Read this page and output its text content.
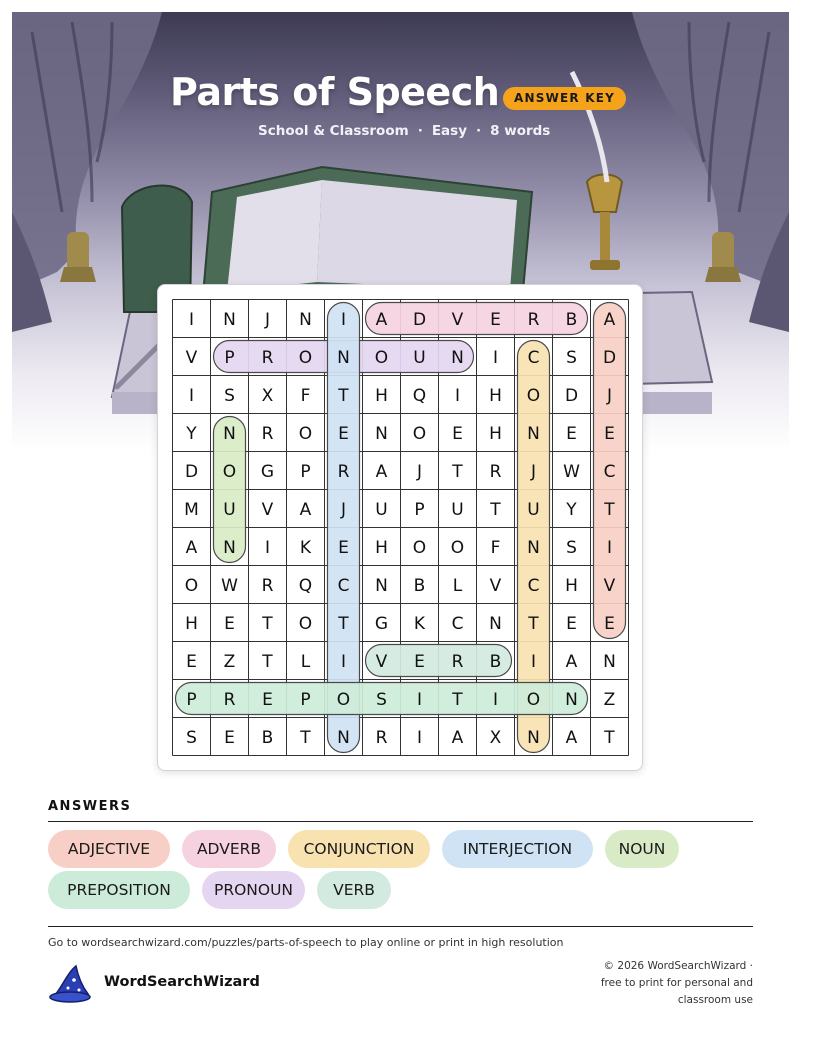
Parts of Speech	ANSWER KEY
School & Classroom · Easy · 8 words
I N J N I A D V E R B A
V P R O N O U N I C S D
I S X F T H Q I H O D J
Y N R O E N O E H N E E
D O G P R A J T R J W C
M U V A J U P U T U Y T
A N I K E H O O F N S I
O W R Q C N B L V C H V
H E T O T G K C N T E E
E Z T L I V E R B I A N
P R E P O S I T I O N Z
S E B T N R I A X N A T
ANSWERS
ADJECTIVE	ADVERB	CONJUNCTION	INTERJECTION	NOUN
PREPOSITION	PRONOUN	VERB
Go to wordsearchwizard.com/puzzles/parts-of-speech to play online or print in high resolution
WordSearchWizard
© 2026 WordSearchWizard ·
free to print for personal and
classroom use
